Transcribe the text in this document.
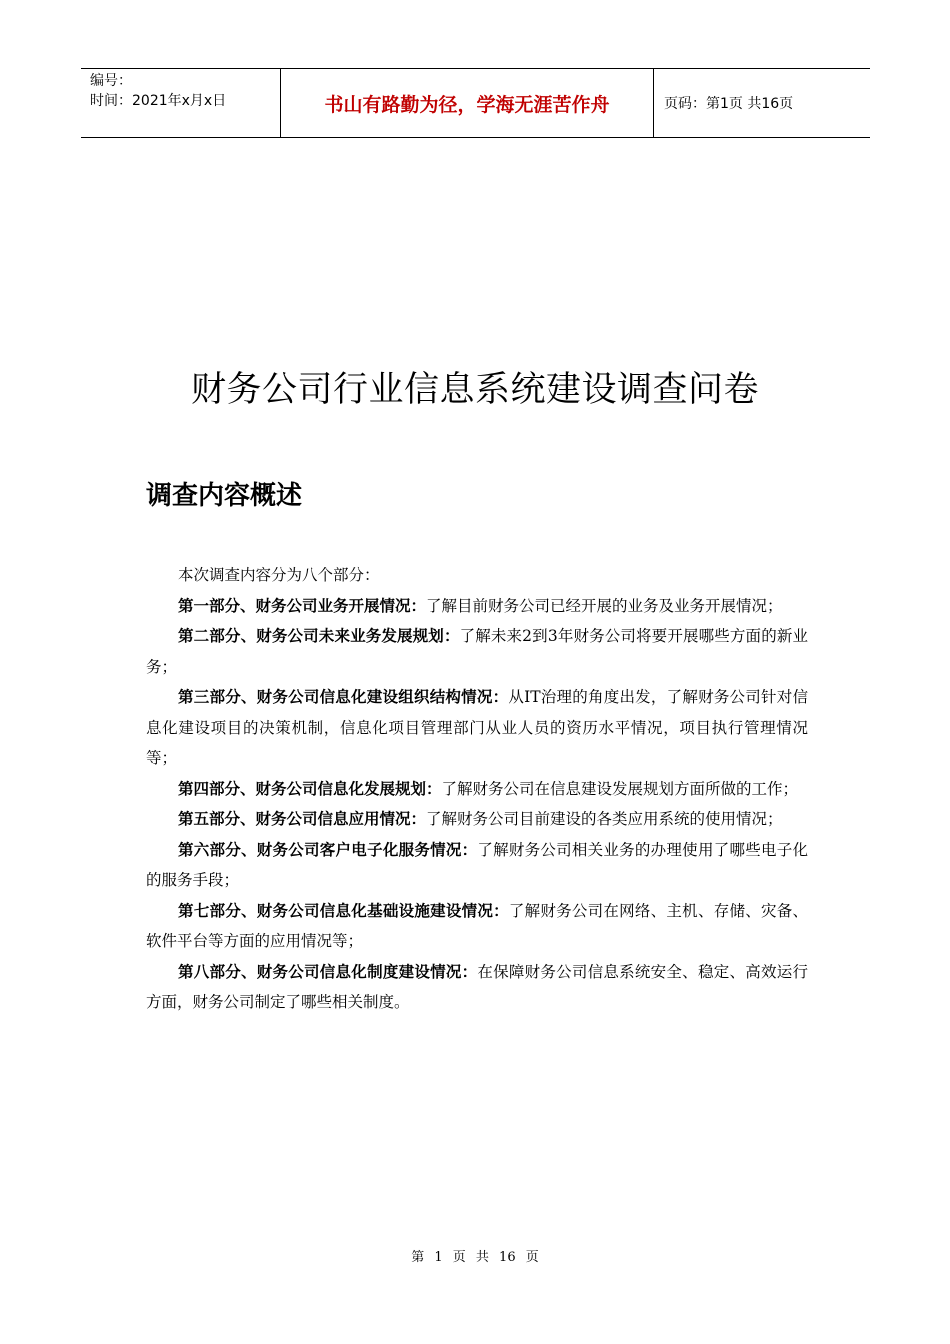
编号：
时间：2021年x月x日	书山有路勤为径，学海无涯苦作舟	页码：第1页 共16页
财务公司行业信息系统建设调查问卷
调查内容概述

本次调查内容分为八个部分：

第一部分、财务公司业务开展情况：了解目前财务公司已经开展的业务及业务开展情况；

第二部分、财务公司未来业务发展规划：了解未来2到3年财务公司将要开展哪些方面的新业务；

第三部分、财务公司信息化建设组织结构情况：从IT治理的角度出发，了解财务公司针对信息化建设项目的决策机制，信息化项目管理部门从业人员的资历水平情况，项目执行管理情况等；

第四部分、财务公司信息化发展规划：了解财务公司在信息建设发展规划方面所做的工作；

第五部分、财务公司信息应用情况：了解财务公司目前建设的各类应用系统的使用情况；

第六部分、财务公司客户电子化服务情况：了解财务公司相关业务的办理使用了哪些电子化的服务手段；

第七部分、财务公司信息化基础设施建设情况：了解财务公司在网络、主机、存储、灾备、软件平台等方面的应用情况等；

第八部分、财务公司信息化制度建设情况：在保障财务公司信息系统安全、稳定、高效运行方面，财务公司制定了哪些相关制度。

第 1 页 共 16 页
